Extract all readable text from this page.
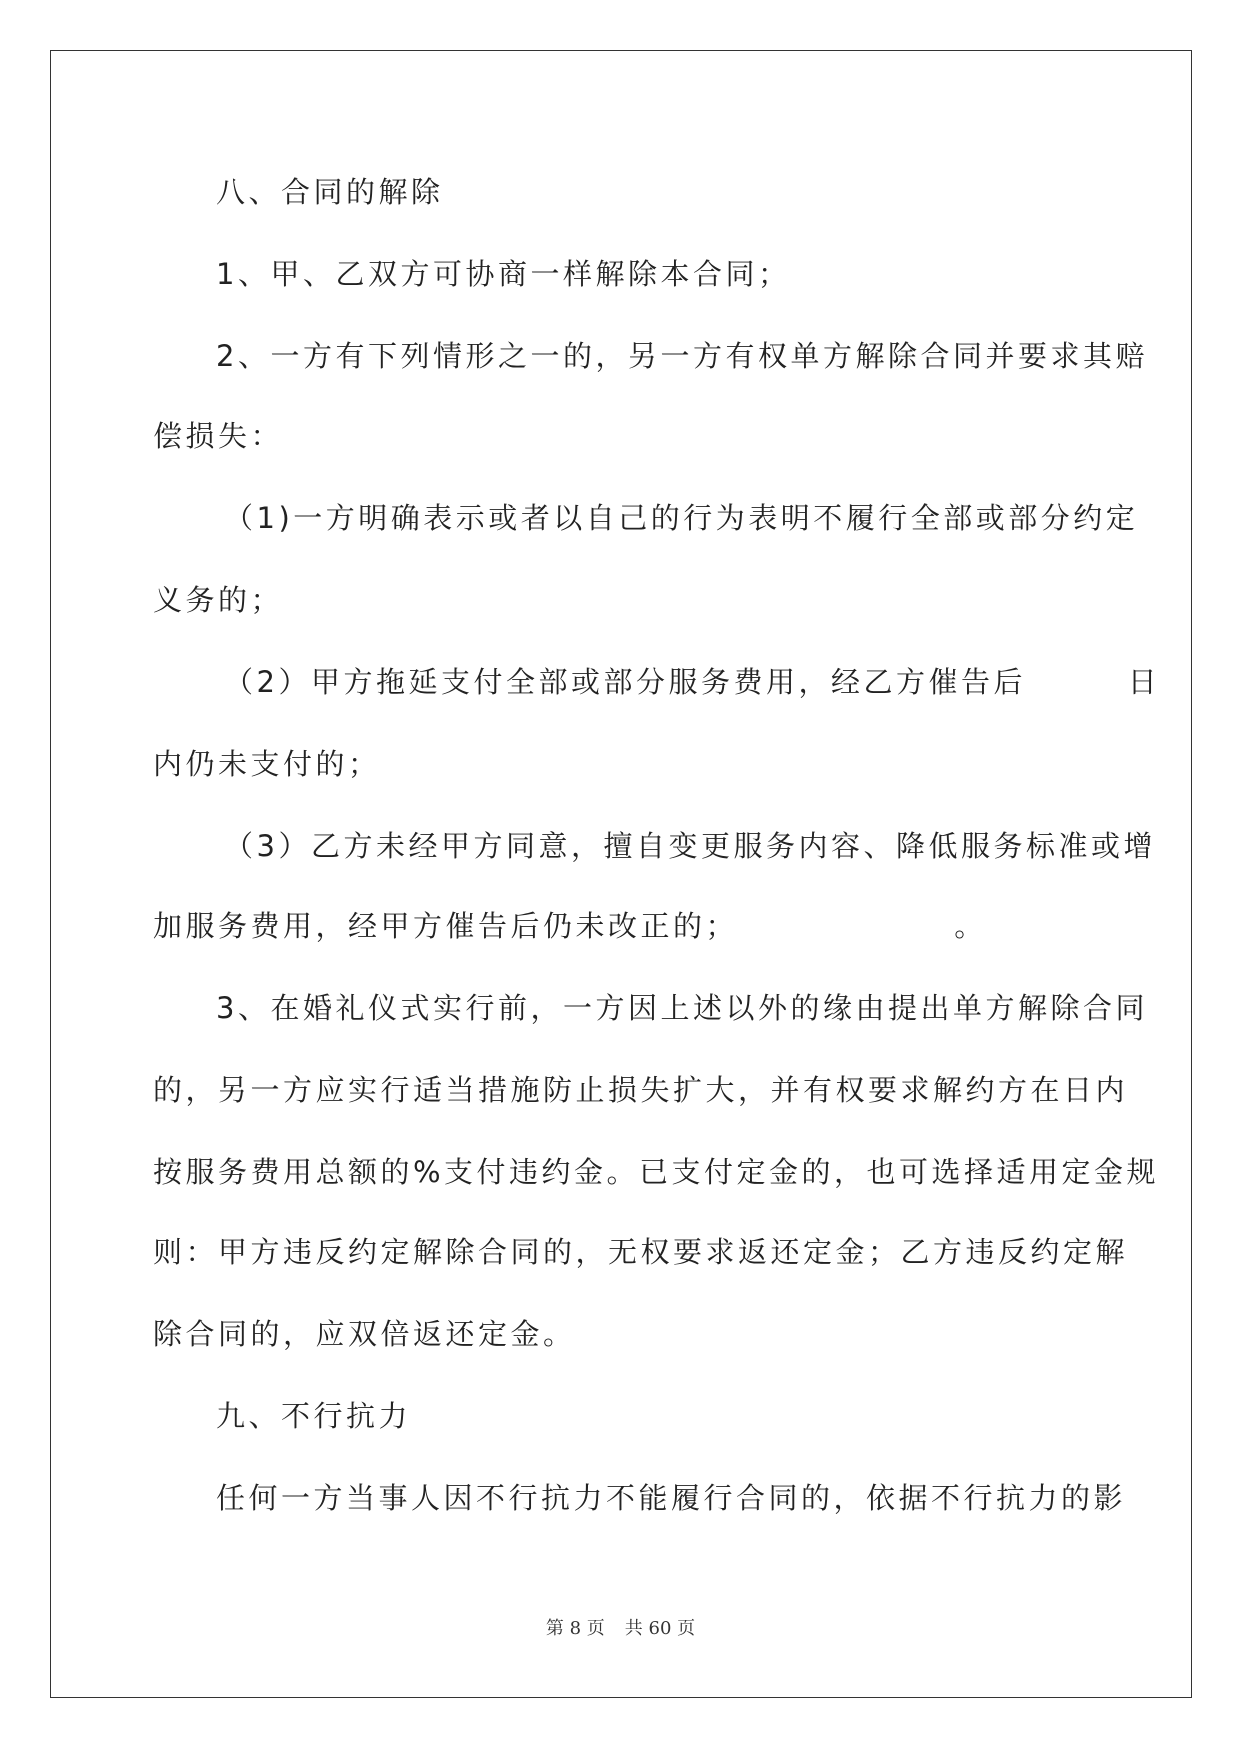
八、合同的解除
1、甲、乙双方可协商一样解除本合同；
2、一方有下列情形之一的，另一方有权单方解除合同并要求其赔
偿损失：
（1)一方明确表示或者以自己的行为表明不履行全部或部分约定
义务的；
（2）甲方拖延支付全部或部分服务费用，经乙方催告后        日
内仍未支付的；
（3）乙方未经甲方同意，擅自变更服务内容、降低服务标准或增
加服务费用，经甲方催告后仍未改正的；                 。
3、在婚礼仪式实行前，一方因上述以外的缘由提出单方解除合同
的，另一方应实行适当措施防止损失扩大，并有权要求解约方在日内
按服务费用总额的%支付违约金。已支付定金的，也可选择适用定金规
则：甲方违反约定解除合同的，无权要求返还定金；乙方违反约定解
除合同的，应双倍返还定金。
九、不行抗力
任何一方当事人因不行抗力不能履行合同的，依据不行抗力的影
第 8 页 共 60 页
